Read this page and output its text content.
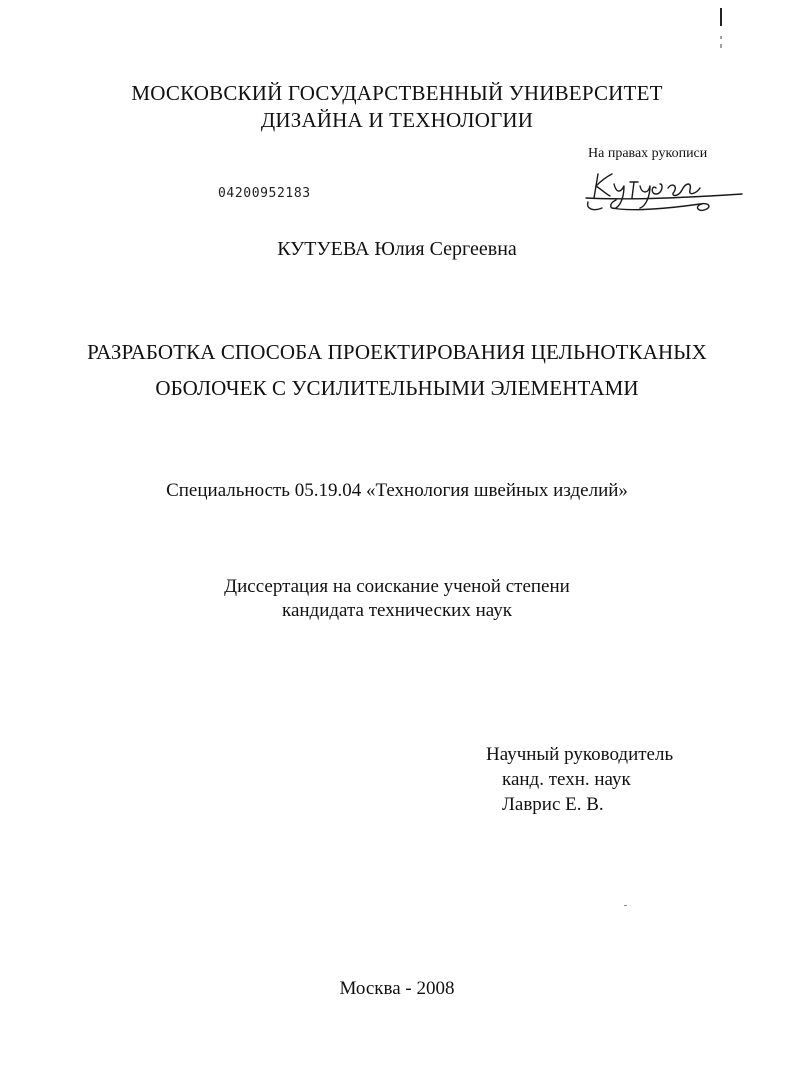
МОСКОВСКИЙ ГОСУДАРСТВЕННЫЙ УНИВЕРСИТЕТ
ДИЗАЙНА И ТЕХНОЛОГИИ
На правах рукописи
04200952183
КУТУЕВА Юлия Сергеевна
РАЗРАБОТКА СПОСОБА ПРОЕКТИРОВАНИЯ ЦЕЛЬНОТКАНЫХ
ОБОЛОЧЕК С УСИЛИТЕЛЬНЫМИ ЭЛЕМЕНТАМИ
Специальность 05.19.04 «Технология швейных изделий»
Диссертация на соискание ученой степени
кандидата технических наук
Научный руководитель
канд. техн. наук
Лаврис Е. В.
Москва - 2008
